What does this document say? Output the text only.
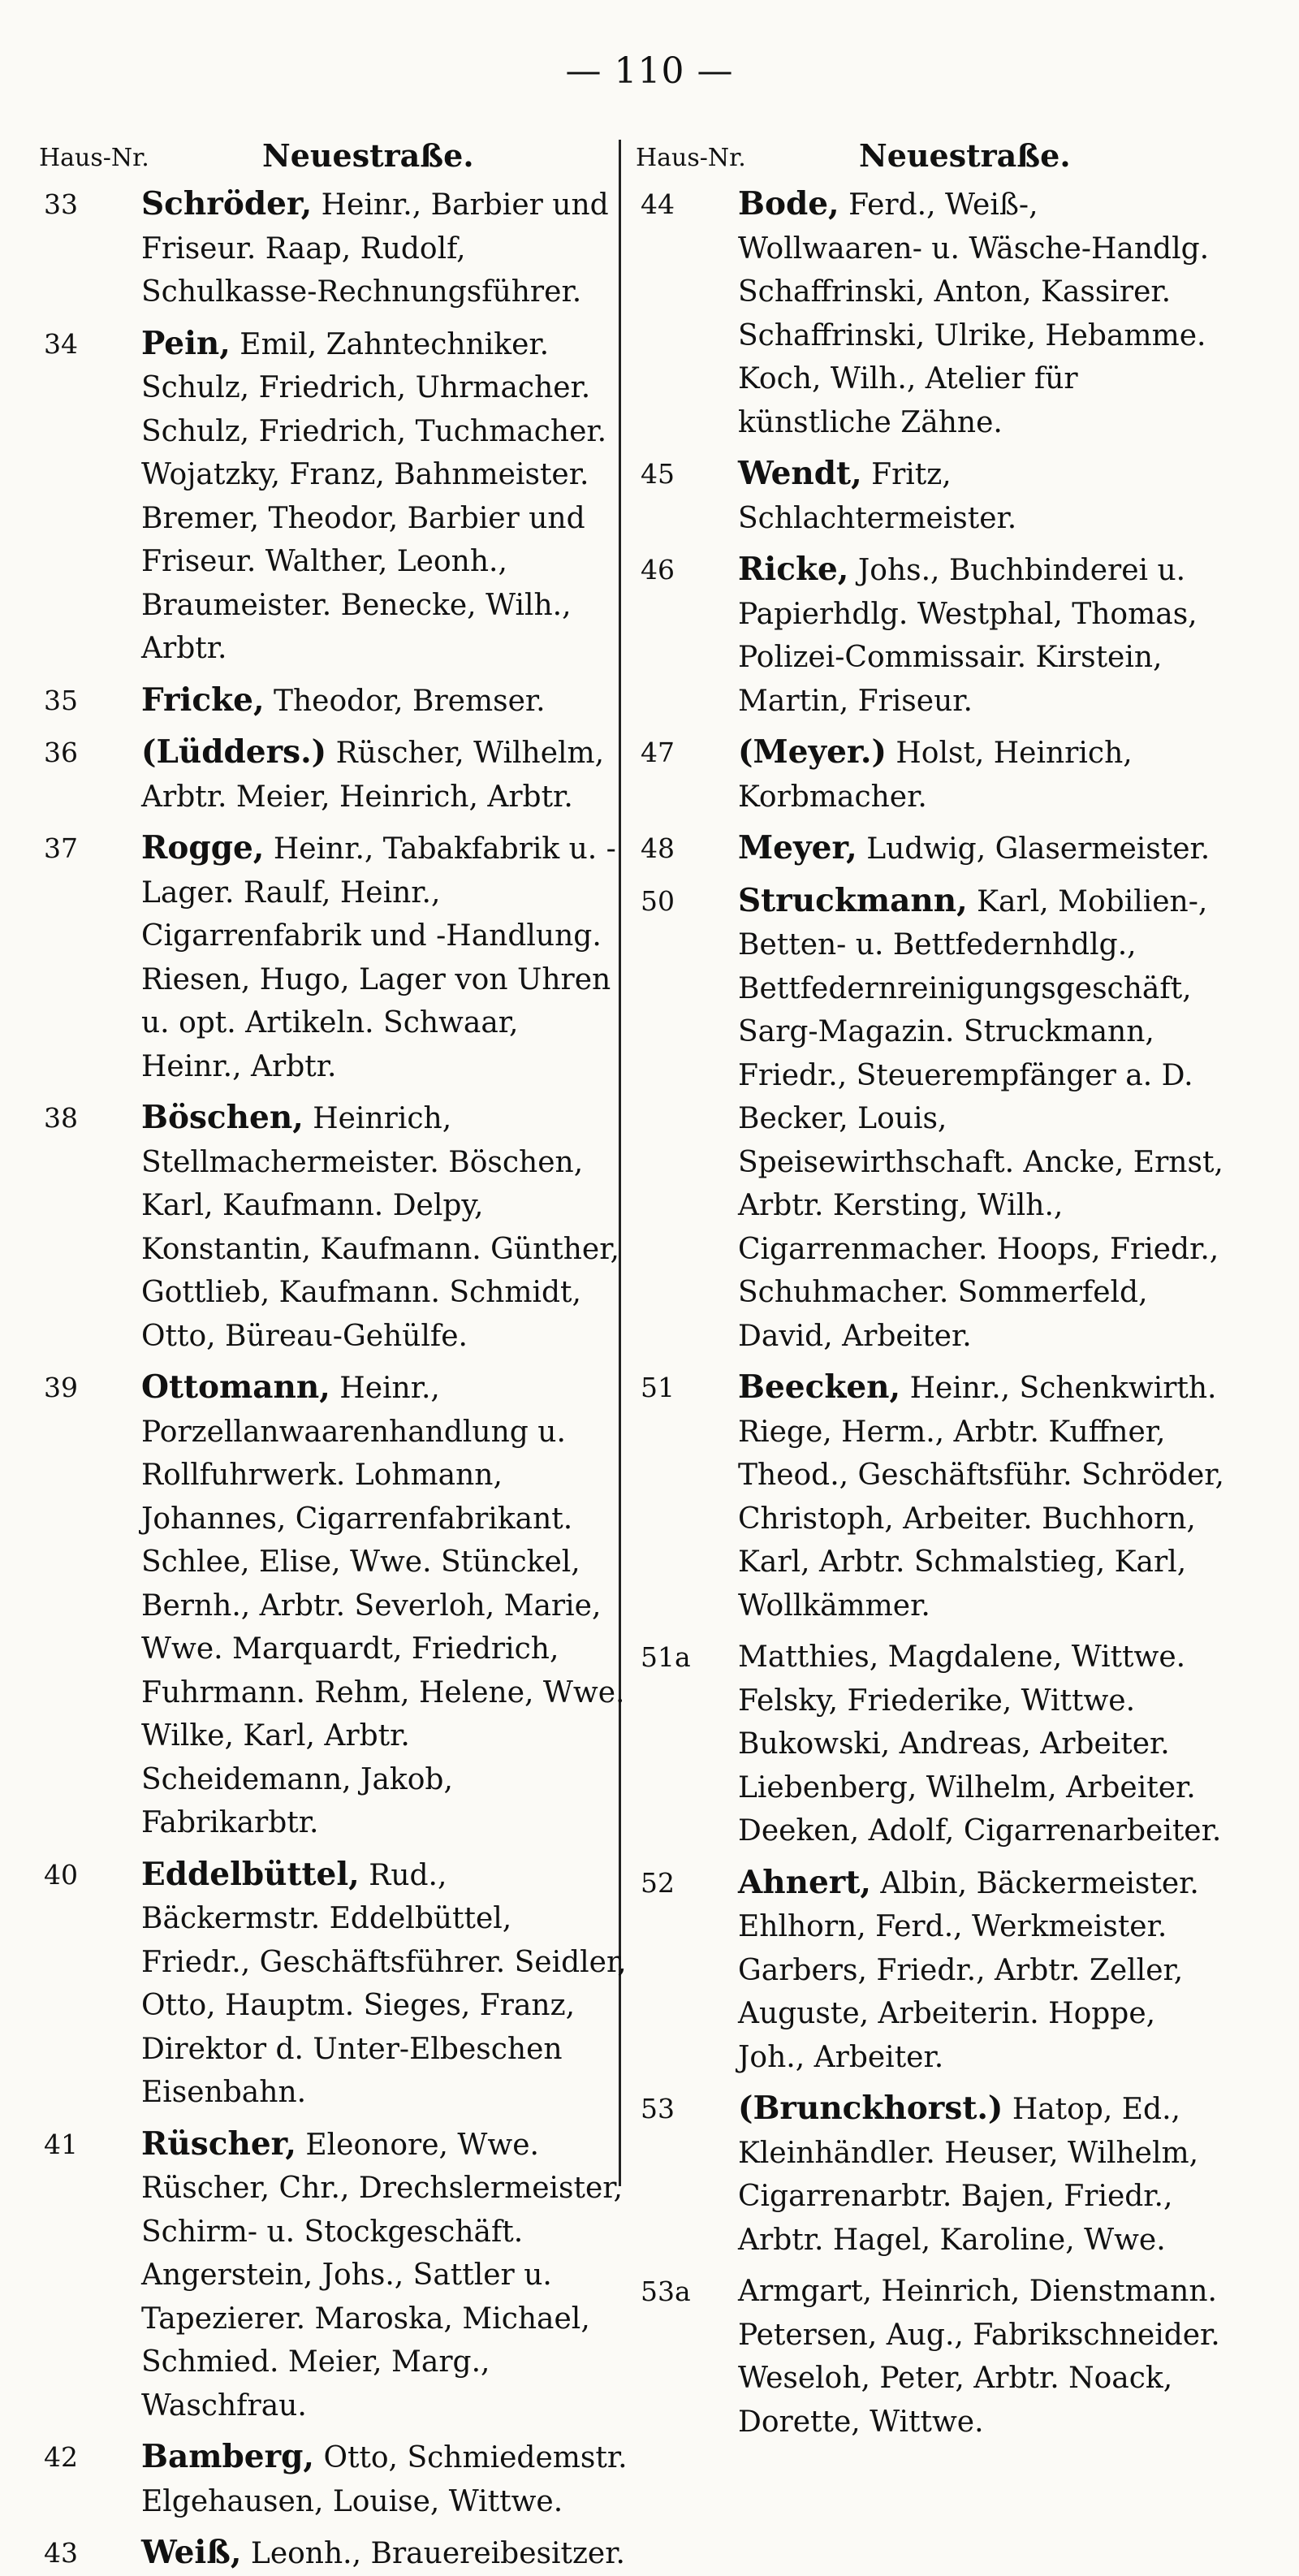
— 110 —
Haus-Nr.	Neuestraße.
33 Schröder, Heinr., Barbier und Friseur. Raap, Rudolf, Schulkasse-Rechnungsführer.
34 Pein, Emil, Zahntechniker. Schulz, Friedrich, Uhrmacher. Schulz, Friedrich, Tuchmacher. Wojatzky, Franz, Bahnmeister. Bremer, Theodor, Barbier und Friseur. Walther, Leonh., Braumeister. Benecke, Wilh., Arbtr.
35 Fricke, Theodor, Bremser.
36 (Lüdders.) Rüscher, Wilhelm, Arbtr. Meier, Heinrich, Arbtr.
37 Rogge, Heinr., Tabakfabrik u. -Lager. Raulf, Heinr., Cigarrenfabrik und -Handlung. Riesen, Hugo, Lager von Uhren u. opt. Artikeln. Schwaar, Heinr., Arbtr.
38 Böschen, Heinrich, Stellmachermeister. Böschen, Karl, Kaufmann. Delpy, Konstantin, Kaufmann. Günther, Gottlieb, Kaufmann. Schmidt, Otto, Büreau-Gehülfe.
39 Ottomann, Heinr., Porzellanwaarenhandlung u. Rollfuhrwerk. Lohmann, Johannes, Cigarrenfabrikant. Schlee, Elise, Wwe. Stünckel, Bernh., Arbtr. Severloh, Marie, Wwe. Marquardt, Friedrich, Fuhrmann. Rehm, Helene, Wwe. Wilke, Karl, Arbtr. Scheidemann, Jakob, Fabrikarbtr.
40 Eddelbüttel, Rud., Bäckermstr. Eddelbüttel, Friedr., Geschäftsführer. Seidler, Otto, Hauptm. Sieges, Franz, Direktor d. Unter-Elbeschen Eisenbahn.
41 Rüscher, Eleonore, Wwe. Rüscher, Chr., Drechslermeister, Schirm- u. Stockgeschäft. Angerstein, Johs., Sattler u. Tapezierer. Maroska, Michael, Schmied. Meier, Marg., Waschfrau.
42 Bamberg, Otto, Schmiedemstr. Elgehausen, Louise, Wittwe.
43 Weiß, Leonh., Brauereibesitzer.
Haus-Nr.	Neuestraße.
44 Bode, Ferd., Weiß-, Wollwaaren- u. Wäsche-Handlg. Schaffrinski, Anton, Kassirer. Schaffrinski, Ulrike, Hebamme. Koch, Wilh., Atelier für künstliche Zähne.
45 Wendt, Fritz, Schlachtermeister.
46 Ricke, Johs., Buchbinderei u. Papierhdlg. Westphal, Thomas, Polizei-Commissair. Kirstein, Martin, Friseur.
47 (Meyer.) Holst, Heinrich, Korbmacher.
48 Meyer, Ludwig, Glasermeister.
50 Struckmann, Karl, Mobilien-, Betten- u. Bettfedernhdlg., Bettfedernreinigungsgeschäft, Sarg-Magazin. Struckmann, Friedr., Steuerempfänger a. D. Becker, Louis, Speisewirthschaft. Ancke, Ernst, Arbtr. Kersting, Wilh., Cigarrenmacher. Hoops, Friedr., Schuhmacher. Sommerfeld, David, Arbeiter.
51 Beecken, Heinr., Schenkwirth. Riege, Herm., Arbtr. Kuffner, Theod., Geschäftsführ. Schröder, Christoph, Arbeiter. Buchhorn, Karl, Arbtr. Schmalstieg, Karl, Wollkämmer.
51a Matthies, Magdalene, Wittwe. Felsky, Friederike, Wittwe. Bukowski, Andreas, Arbeiter. Liebenberg, Wilhelm, Arbeiter. Deeken, Adolf, Cigarrenarbeiter.
52 Ahnert, Albin, Bäckermeister. Ehlhorn, Ferd., Werkmeister. Garbers, Friedr., Arbtr. Zeller, Auguste, Arbeiterin. Hoppe, Joh., Arbeiter.
53 (Brunckhorst.) Hatop, Ed., Kleinhändler. Heuser, Wilhelm, Cigarrenarbtr. Bajen, Friedr., Arbtr. Hagel, Karoline, Wwe.
53a Armgart, Heinrich, Dienstmann. Petersen, Aug., Fabrikschneider. Weseloh, Peter, Arbtr. Noack, Dorette, Wittwe.
